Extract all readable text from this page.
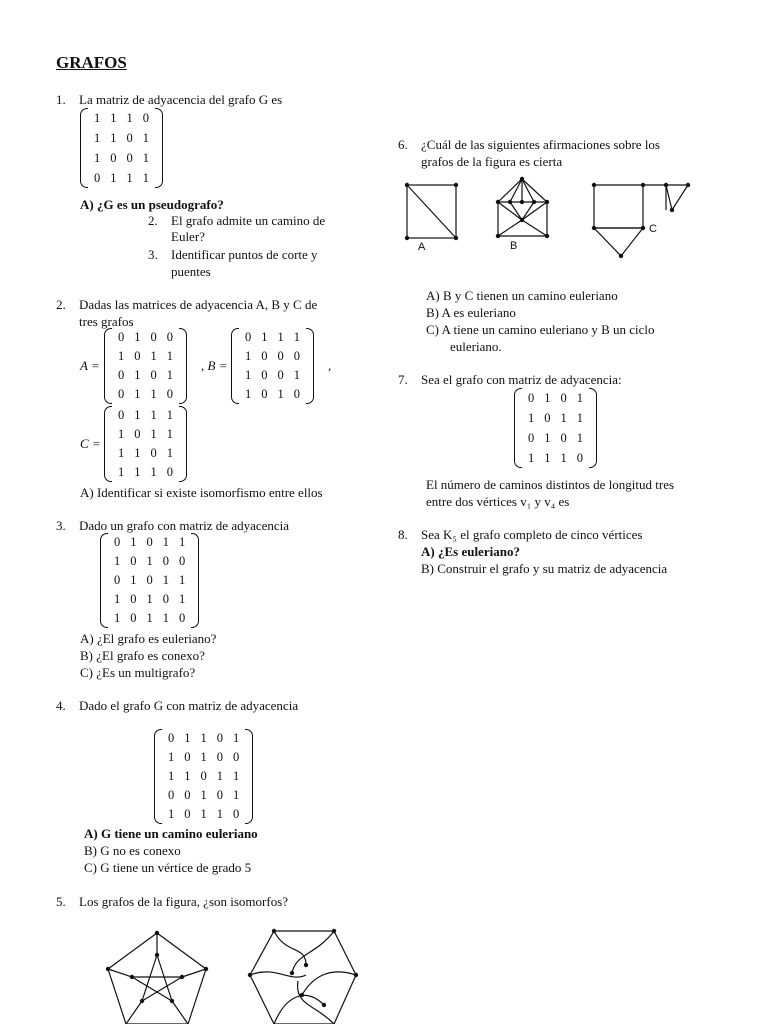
GRAFOS
1. La matriz de adyacencia del grafo G es
1	1	1	0
1	1	0	1
1	0	0	1
0	1	1	1
A) ¿G es un pseudografo?
2. El grafo admite un camino de
Euler?
3. Identificar puntos de corte y
puentes
2. Dadas las matrices de adyacencia A, B y C de
tres grafos
A =
0	1	0	0
1	0	1	1
0	1	0	1
0	1	1	0
, B =
0	1	1	1
1	0	0	0
1	0	0	1
1	0	1	0
,
C =
0	1	1	1
1	0	1	1
1	1	0	1
1	1	1	0
A) Identificar si existe isomorfismo entre ellos
3. Dado un grafo con matriz de adyacencia
0	1	0	1	1
1	0	1	0	0
0	1	0	1	1
1	0	1	0	1
1	0	1	1	0
A) ¿El grafo es euleriano?
B) ¿El grafo es conexo?
C) ¿Es un multigrafo?
4. Dado el grafo G con matriz de adyacencia
0	1	1	0	1
1	0	1	0	0
1	1	0	1	1
0	0	1	0	1
1	0	1	1	0
A) G tiene un camino euleriano
B) G no es conexo
C) G tiene un vértice de grado 5
5. Los grafos de la figura, ¿son isomorfos?
6. ¿Cuál de las siguientes afirmaciones sobre los
grafos de la figura es cierta
A	B
C
A) B y C tienen un camino euleriano
B) A es euleriano
C) A tiene un camino euleriano y B un ciclo
euleriano.
7. Sea el grafo con matriz de adyacencia:
0	1	0	1
1	0	1	1
0	1	0	1
1	1	1	0
El número de caminos distintos de longitud tres
entre dos vértices v₁ y v₄ es
8. Sea K₅ el grafo completo de cinco vértices
A) ¿Es euleriano?
B) Construir el grafo y su matriz de adyacencia
